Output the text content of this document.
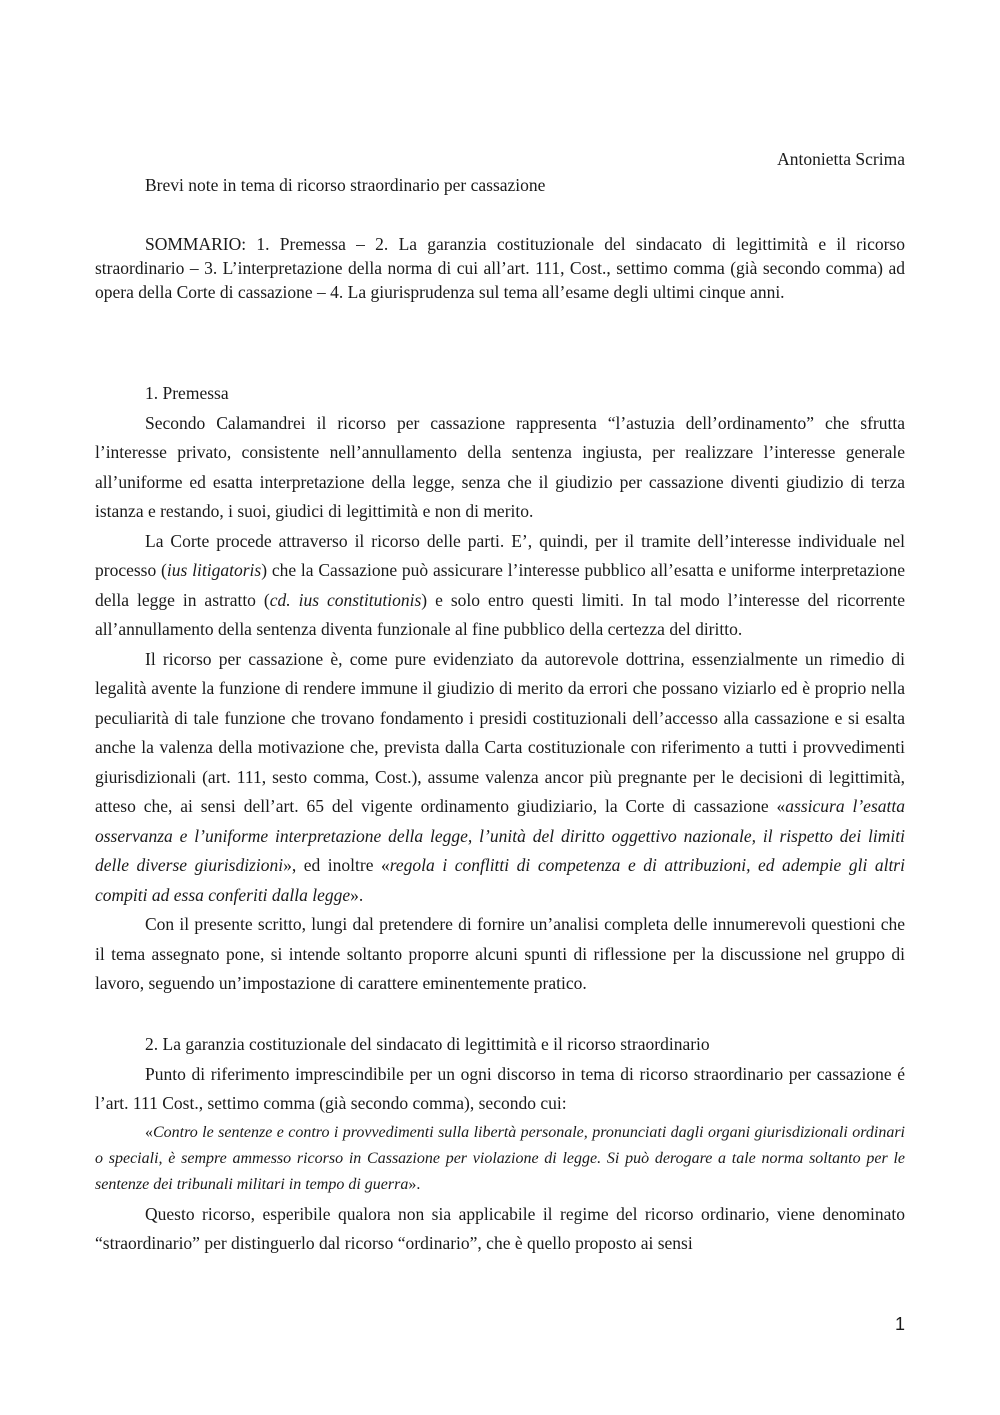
Antonietta Scrima
Brevi note in tema di ricorso straordinario per cassazione

SOMMARIO: 1. Premessa – 2. La garanzia costituzionale del sindacato di legittimità e il ricorso straordinario – 3. L’interpretazione della norma di cui all’art. 111, Cost., settimo comma (già secondo comma) ad opera della Corte di cassazione – 4. La giurisprudenza sul tema all’esame degli ultimi cinque anni.

1. Premessa

Secondo Calamandrei il ricorso per cassazione rappresenta “l’astuzia dell’ordinamento” che sfrutta l’interesse privato, consistente nell’annullamento della sentenza ingiusta, per realizzare l’interesse generale all’uniforme ed esatta interpretazione della legge, senza che il giudizio per cassazione diventi giudizio di terza istanza e restando, i suoi, giudici di legittimità e non di merito.

La Corte procede attraverso il ricorso delle parti. E’, quindi, per il tramite dell’interesse individuale nel processo (ius litigatoris) che la Cassazione può assicurare l’interesse pubblico all’esatta e uniforme interpretazione della legge in astratto (cd. ius constitutionis) e solo entro questi limiti. In tal modo l’interesse del ricorrente all’annullamento della sentenza diventa funzionale al fine pubblico della certezza del diritto.

Il ricorso per cassazione è, come pure evidenziato da autorevole dottrina, essenzialmente un rimedio di legalità avente la funzione di rendere immune il giudizio di merito da errori che possano viziarlo ed è proprio nella peculiarità di tale funzione che trovano fondamento i presidi costituzionali dell’accesso alla cassazione e si esalta anche la valenza della motivazione che, prevista dalla Carta costituzionale con riferimento a tutti i provvedimenti giurisdizionali (art. 111, sesto comma, Cost.), assume valenza ancor più pregnante per le decisioni di legittimità, atteso che, ai sensi dell’art. 65 del vigente ordinamento giudiziario, la Corte di cassazione «assicura l’esatta osservanza e l’uniforme interpretazione della legge, l’unità del diritto oggettivo nazionale, il rispetto dei limiti delle diverse giurisdizioni», ed inoltre «regola i conflitti di competenza e di attribuzioni, ed adempie gli altri compiti ad essa conferiti dalla legge».

Con il presente scritto, lungi dal pretendere di fornire un’analisi completa delle innumerevoli questioni che il tema assegnato pone, si intende soltanto proporre alcuni spunti di riflessione per la discussione nel gruppo di lavoro, seguendo un’impostazione di carattere eminentemente pratico.

2. La garanzia costituzionale del sindacato di legittimità e il ricorso straordinario

Punto di riferimento imprescindibile per un ogni discorso in tema di ricorso straordinario per cassazione é l’art. 111 Cost., settimo comma (già secondo comma), secondo cui:

«Contro le sentenze e contro i provvedimenti sulla libertà personale, pronunciati dagli organi giurisdizionali ordinari o speciali, è sempre ammesso ricorso in Cassazione per violazione di legge. Si può derogare a tale norma soltanto per le sentenze dei tribunali militari in tempo di guerra».

Questo ricorso, esperibile qualora non sia applicabile il regime del ricorso ordinario, viene denominato “straordinario” per distinguerlo dal ricorso “ordinario”, che è quello proposto ai sensi

1
